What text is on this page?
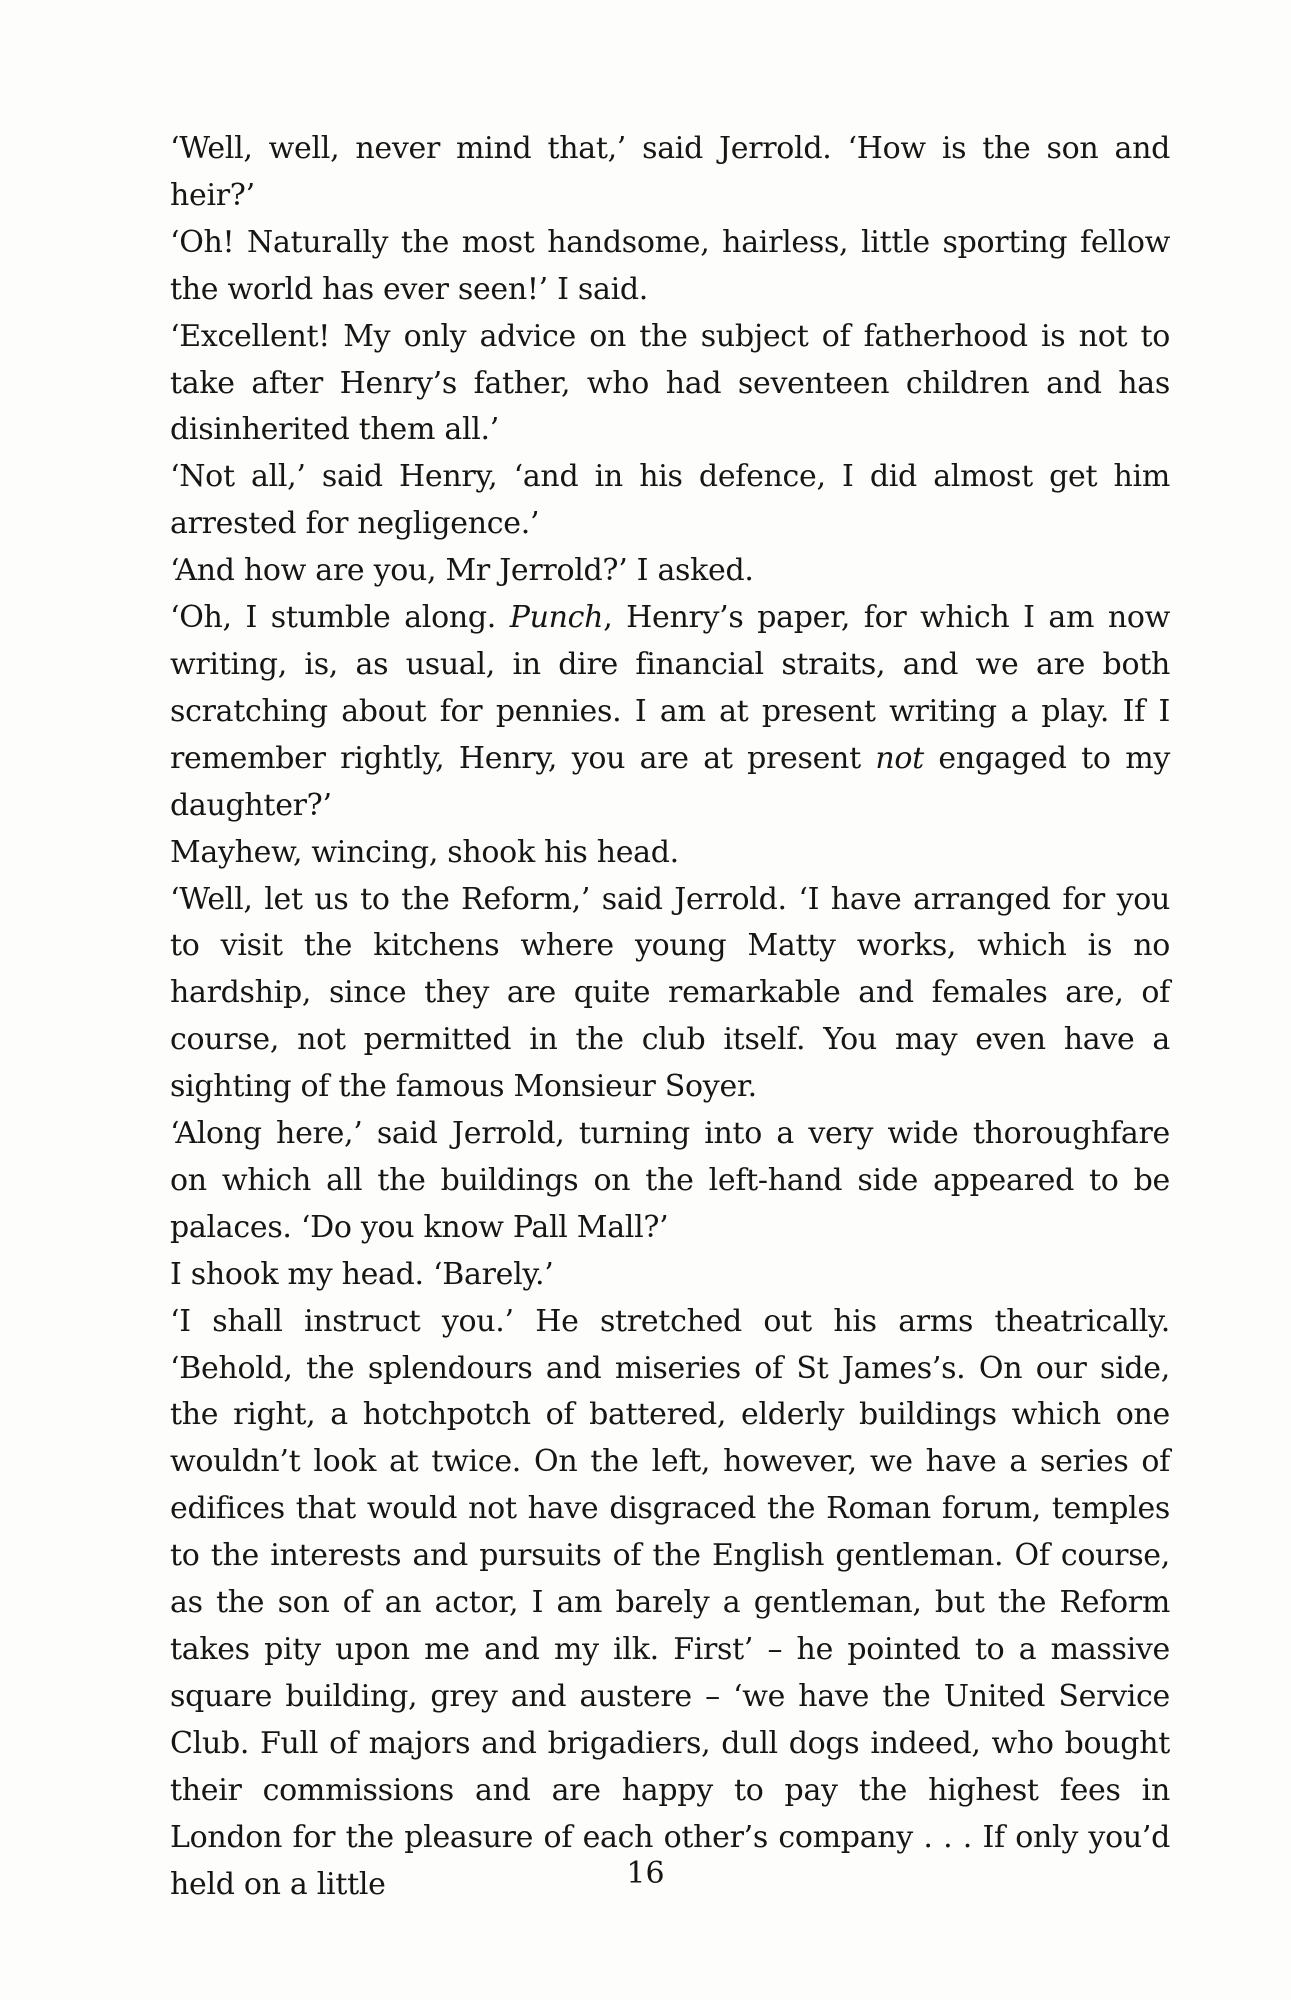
‘Well, well, never mind that,’ said Jerrold. ‘How is the son and heir?’

‘Oh! Naturally the most handsome, hairless, little sporting fellow the world has ever seen!’ I said.

‘Excellent! My only advice on the subject of fatherhood is not to take after Henry’s father, who had seventeen children and has disinherited them all.’

‘Not all,’ said Henry, ‘and in his defence, I did almost get him arrested for negligence.’

‘And how are you, Mr Jerrold?’ I asked.

‘Oh, I stumble along. Punch, Henry’s paper, for which I am now writing, is, as usual, in dire financial straits, and we are both scratching about for pennies. I am at present writing a play. If I remember rightly, Henry, you are at present not engaged to my daughter?’

Mayhew, wincing, shook his head.

‘Well, let us to the Reform,’ said Jerrold. ‘I have arranged for you to visit the kitchens where young Matty works, which is no hardship, since they are quite remarkable and females are, of course, not permitted in the club itself. You may even have a sighting of the famous Monsieur Soyer.

‘Along here,’ said Jerrold, turning into a very wide thoroughfare on which all the buildings on the left-hand side appeared to be palaces. ‘Do you know Pall Mall?’

I shook my head. ‘Barely.’

‘I shall instruct you.’ He stretched out his arms theatrically. ‘Behold, the splendours and miseries of St James’s. On our side, the right, a hotchpotch of battered, elderly buildings which one wouldn’t look at twice. On the left, however, we have a series of edifices that would not have disgraced the Roman forum, temples to the interests and pursuits of the English gentleman. Of course, as the son of an actor, I am barely a gentleman, but the Reform takes pity upon me and my ilk. First’ – he pointed to a massive square building, grey and austere – ‘we have the United Service Club. Full of majors and brigadiers, dull dogs indeed, who bought their commissions and are happy to pay the highest fees in London for the pleasure of each other’s company . . . If only you’d held on a little	16
